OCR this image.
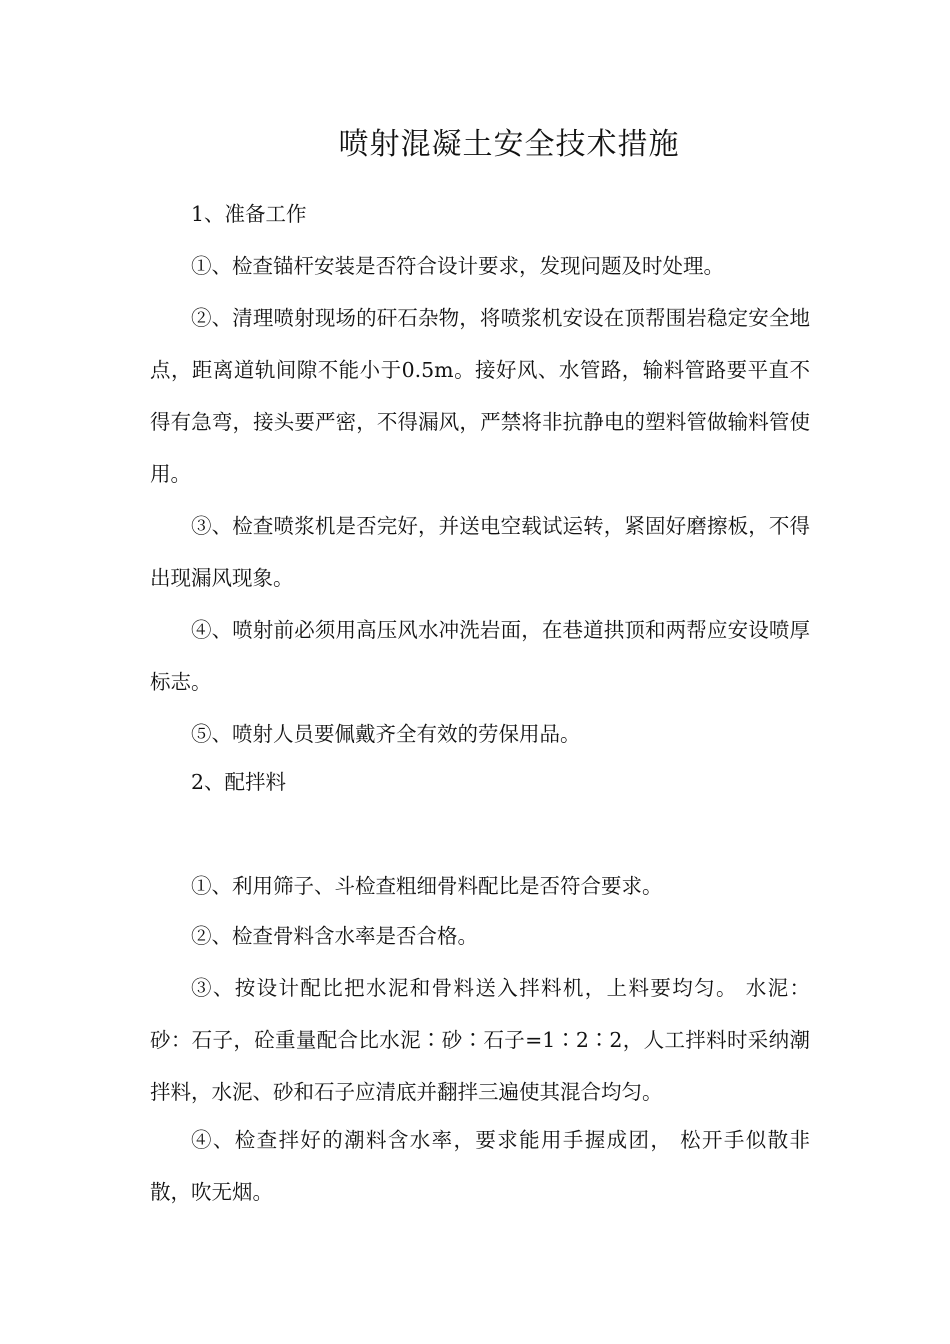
喷射混凝土安全技术措施

1、准备工作

①、检查锚杆安装是否符合设计要求，发现问题及时处理。

②、清理喷射现场的矸石杂物，将喷浆机安设在顶帮围岩稳定安全地点，距离道轨间隙不能小于0.5m。接好风、水管路，输料管路要平直不得有急弯，接头要严密，不得漏风，严禁将非抗静电的塑料管做输料管使用。

③、检查喷浆机是否完好，并送电空载试运转，紧固好磨擦板，不得出现漏风现象。

④、喷射前必须用高压风水冲洗岩面，在巷道拱顶和两帮应安设喷厚标志。

⑤、喷射人员要佩戴齐全有效的劳保用品。

2、配拌料

①、利用筛子、斗检查粗细骨料配比是否符合要求。

②、检查骨料含水率是否合格。

③、按设计配比把水泥和骨料送入拌料机，上料要均匀。 水泥：砂：石子，砼重量配合比水泥∶砂∶石子=1∶2∶2，人工拌料时采纳潮拌料，水泥、砂和石子应清底并翻拌三遍使其混合均匀。

④、检查拌好的潮料含水率，要求能用手握成团， 松开手似散非散，吹无烟。
